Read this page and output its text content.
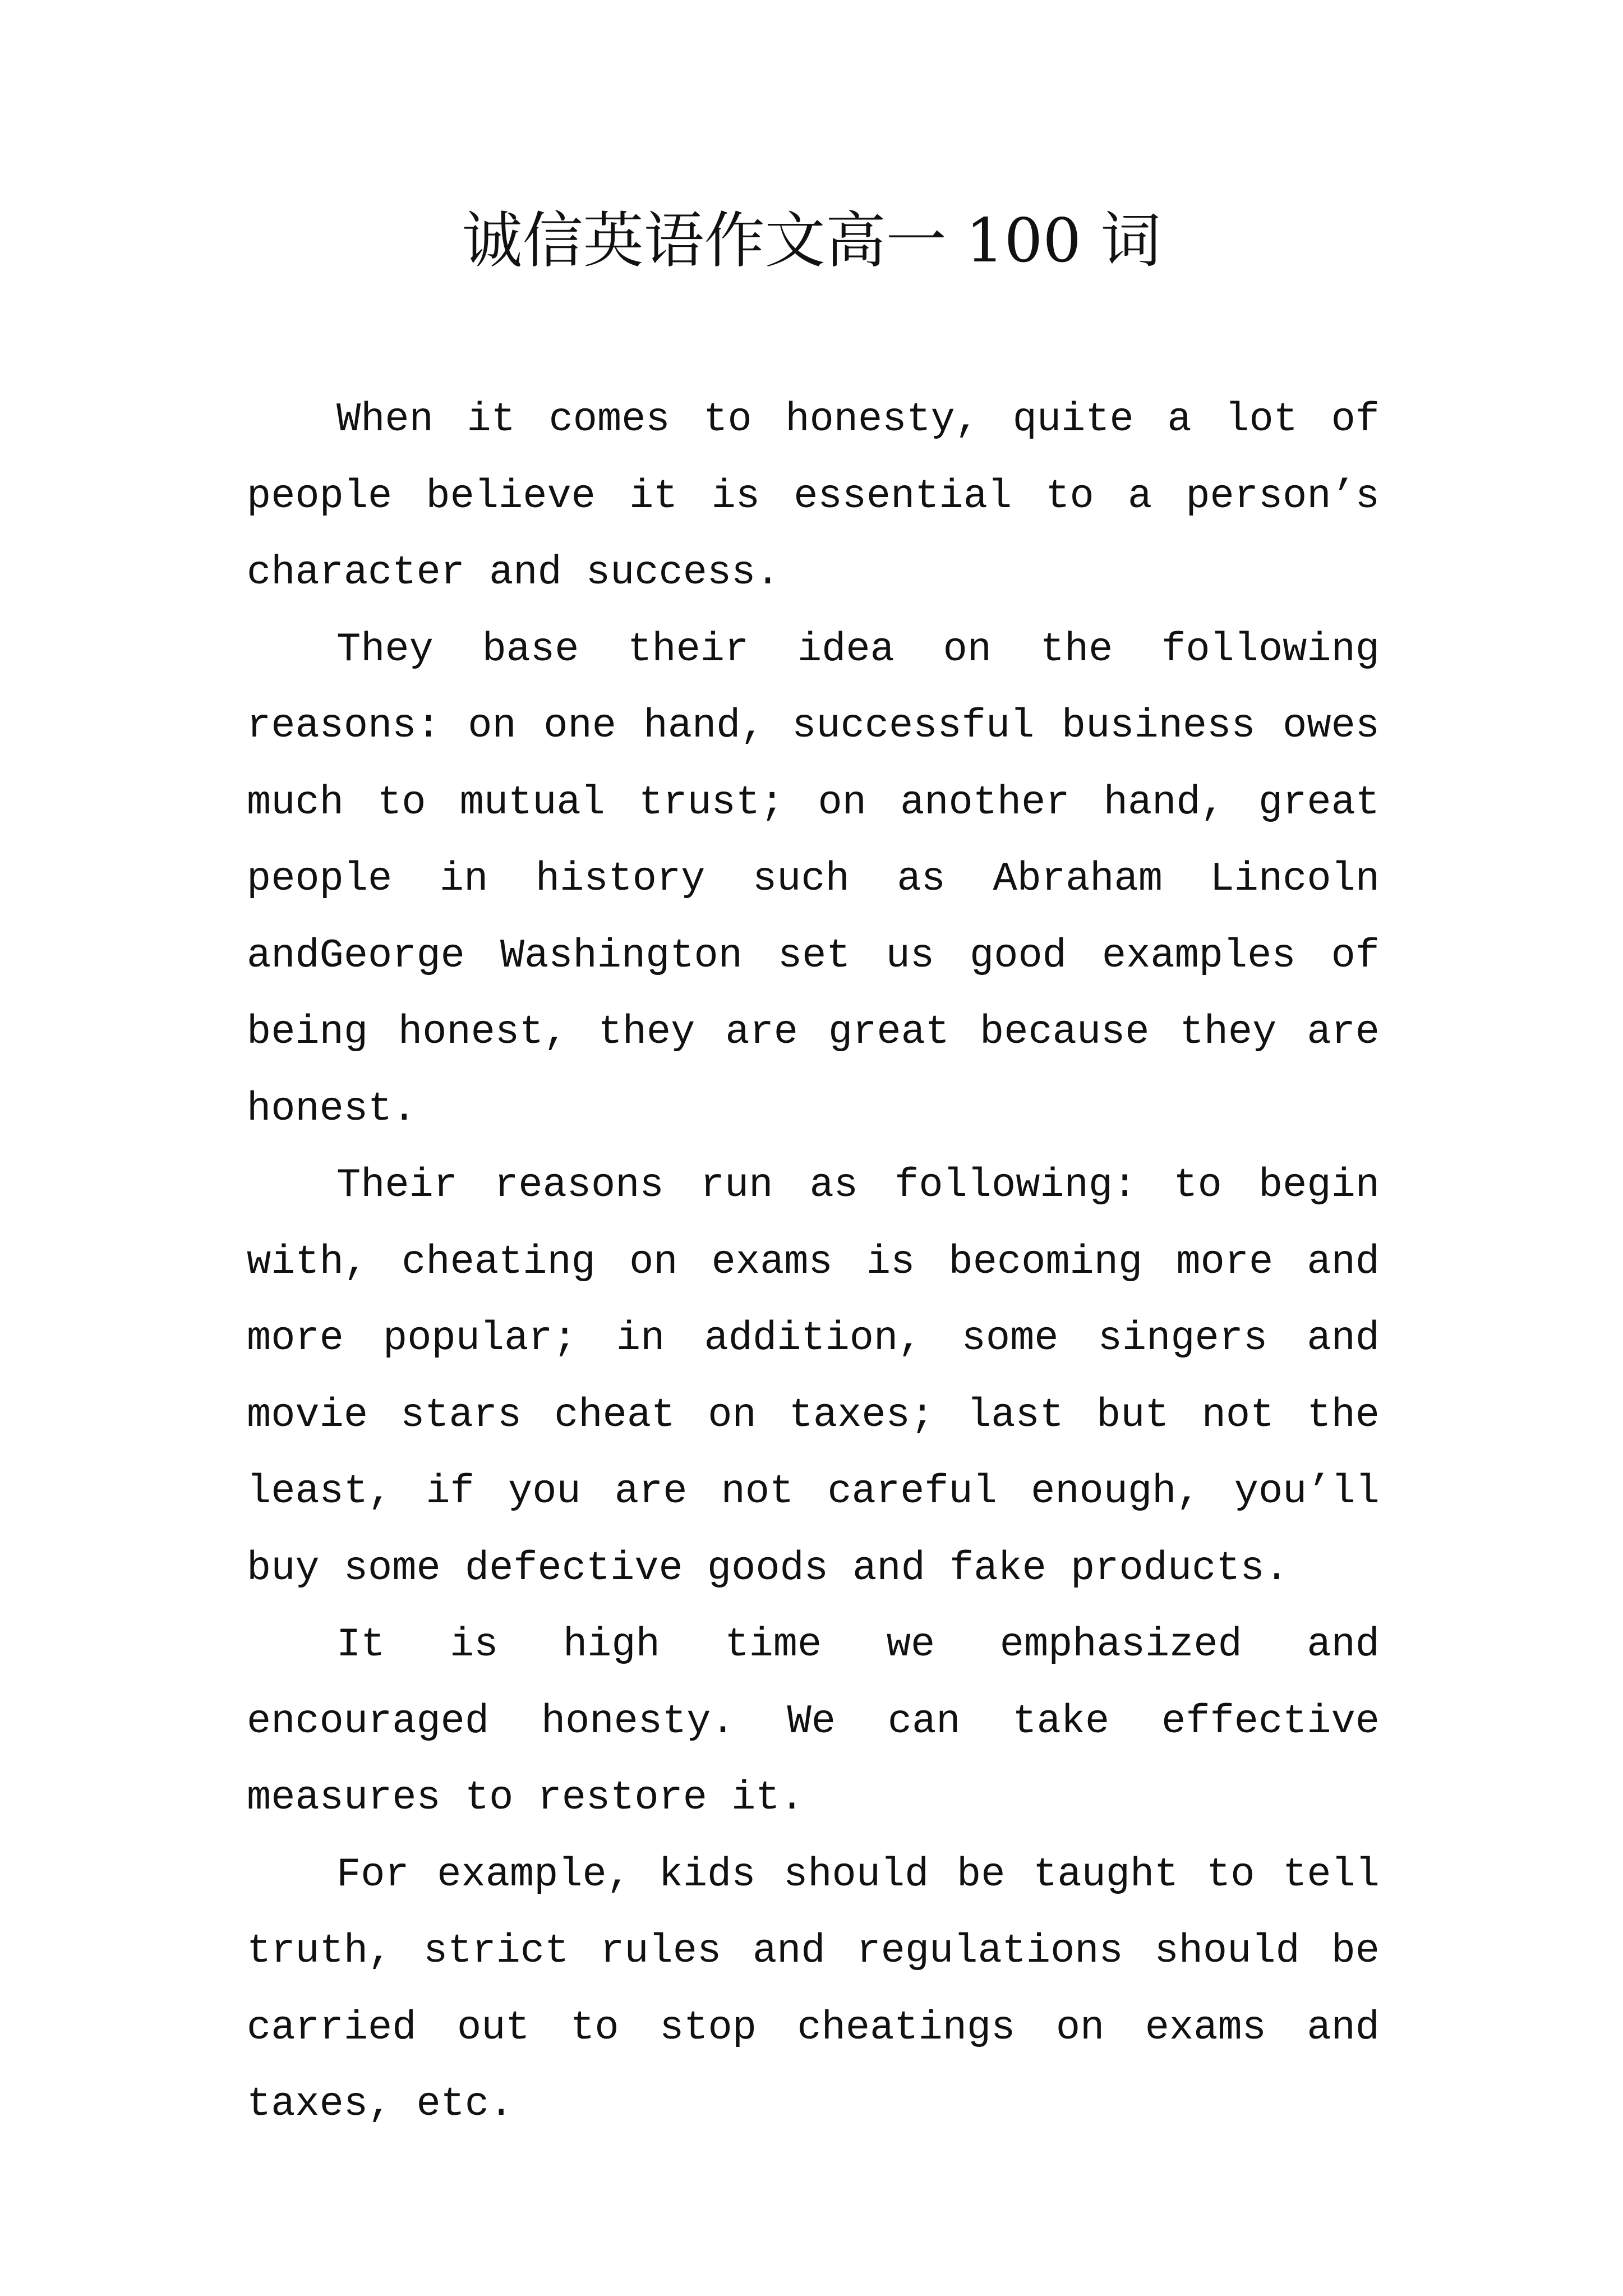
诚信英语作文高一 100 词

When it comes to honesty, quite a lot of people believe it is essential to a person’s character and success.

They base their idea on the following reasons: on one hand, successful business owes much to mutual trust; on another hand, great people in history such as Abraham Lincoln andGeorge Washington set us good examples of being honest, they are great because they are honest.

Their reasons run as following: to begin with, cheating on exams is becoming more and more popular; in addition, some singers and movie stars cheat on taxes; last but not the least, if you are not careful enough, you’ll buy some defective goods and fake products.

It is high time we emphasized and encouraged honesty. We can take effective measures to restore it.

For example, kids should be taught to tell truth, strict rules and regulations should be carried out to stop cheatings on exams and taxes, etc.
